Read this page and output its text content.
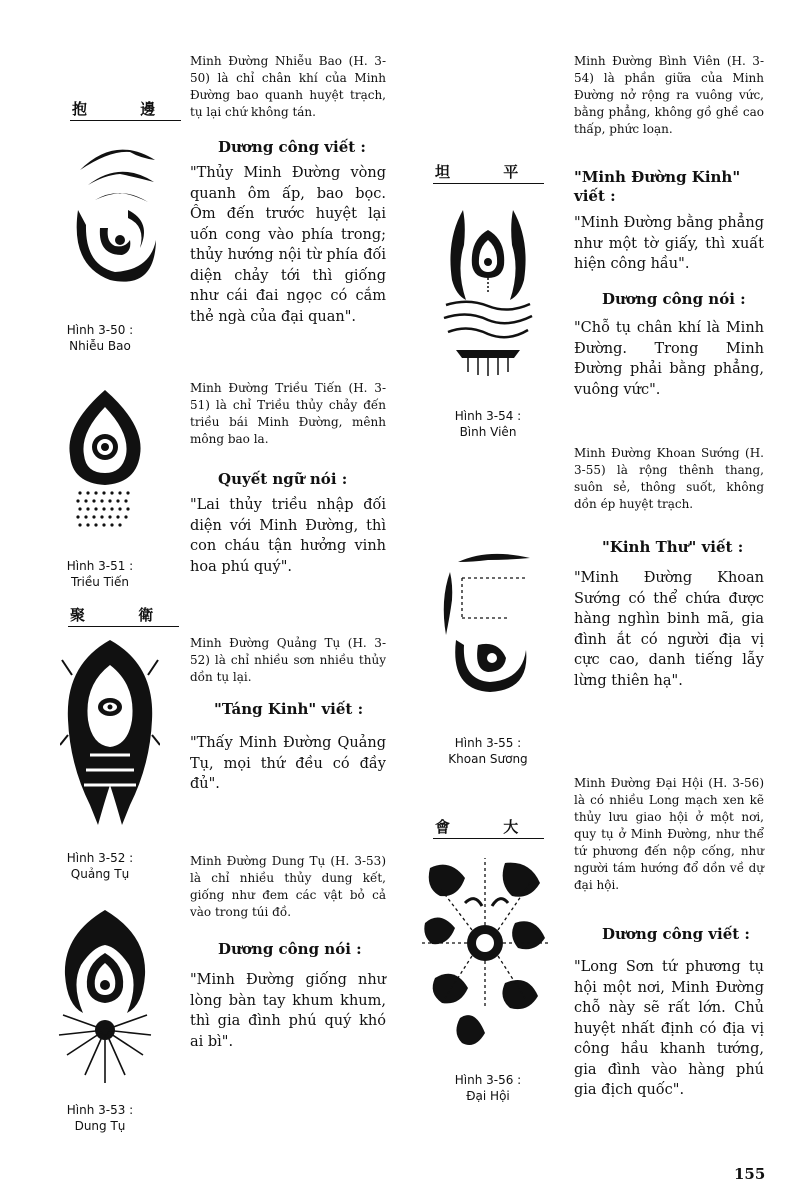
抱 邊
Hình 3-50 :
Nhiễu Bao
Hình 3-51 :
Triều Tiến
聚 衛
Hình 3-52 :
Quảng Tụ
Hình 3-53 :
Dung Tụ
Minh Đường Nhiễu Bao (H. 3-50) là chỉ chân khí của Minh Đường bao quanh huyệt trạch, tụ lại chứ không tán.
Dương công viết :
"Thủy Minh Đường vòng quanh ôm ấp, bao bọc. Ôm đến trước huyệt lại uốn cong vào phía trong; thủy hướng nội từ phía đối diện chảy tới thì giống như cái đai ngọc có cắm thẻ ngà của đại quan".
Minh Đường Triều Tiến (H. 3-51) là chỉ Triều thủy chảy đến triều bái Minh Đường, mênh mông bao la.
Quyết ngữ nói :
"Lai thủy triều nhập đối diện với Minh Đường, thì con cháu tận hưởng vinh hoa phú quý".
Minh Đường Quảng Tụ (H. 3-52) là chỉ nhiều sơn nhiều thủy dồn tụ lại.
"Táng Kinh" viết :
"Thấy Minh Đường Quảng Tụ, mọi thứ đều có đầy đủ".
Minh Đường Dung Tụ (H. 3-53) là chỉ nhiều thủy dung kết, giống như đem các vật bỏ cả vào trong túi đồ.
Dương công nói :
"Minh Đường giống như lòng bàn tay khum khum, thì gia đình phú quý khó ai bì".
坦 平
Hình 3-54 :
Bình Viên
Hình 3-55 :
Khoan Sương
會 大
Hình 3-56 :
Đại Hội
Minh Đường Bình Viên (H. 3-54) là phần giữa của Minh Đường nở rộng ra vuông vức, bằng phẳng, không gồ ghề cao thấp, phức loạn.
"Minh Đường Kinh" viết :
"Minh Đường bằng phẳng như một tờ giấy, thì xuất hiện công hầu".
Dương công nói :
"Chỗ tụ chân khí là Minh Đường. Trong Minh Đường phải bằng phẳng, vuông vức".
Minh Đường Khoan Sướng (H. 3-55) là rộng thênh thang, suôn sẻ, thông suốt, không dồn ép huyệt trạch.
"Kinh Thư" viết :
"Minh Đường Khoan Sướng có thể chứa được hàng nghìn binh mã, gia đình ắt có người địa vị cực cao, danh tiếng lẫy lừng thiên hạ".
Minh Đường Đại Hội (H. 3-56) là có nhiều Long mạch xen kẽ thủy lưu giao hội ở một nơi, quy tụ ở Minh Đường, như thể tứ phương đến nộp cống, như người tám hướng đổ dồn về dự đại hội.
Dương công viết :
"Long Sơn tứ phương tụ hội một nơi, Minh Đường chỗ này sẽ rất lớn. Chủ huyệt nhất định có địa vị công hầu khanh tướng, gia đình vào hàng phú gia địch quốc".
155
